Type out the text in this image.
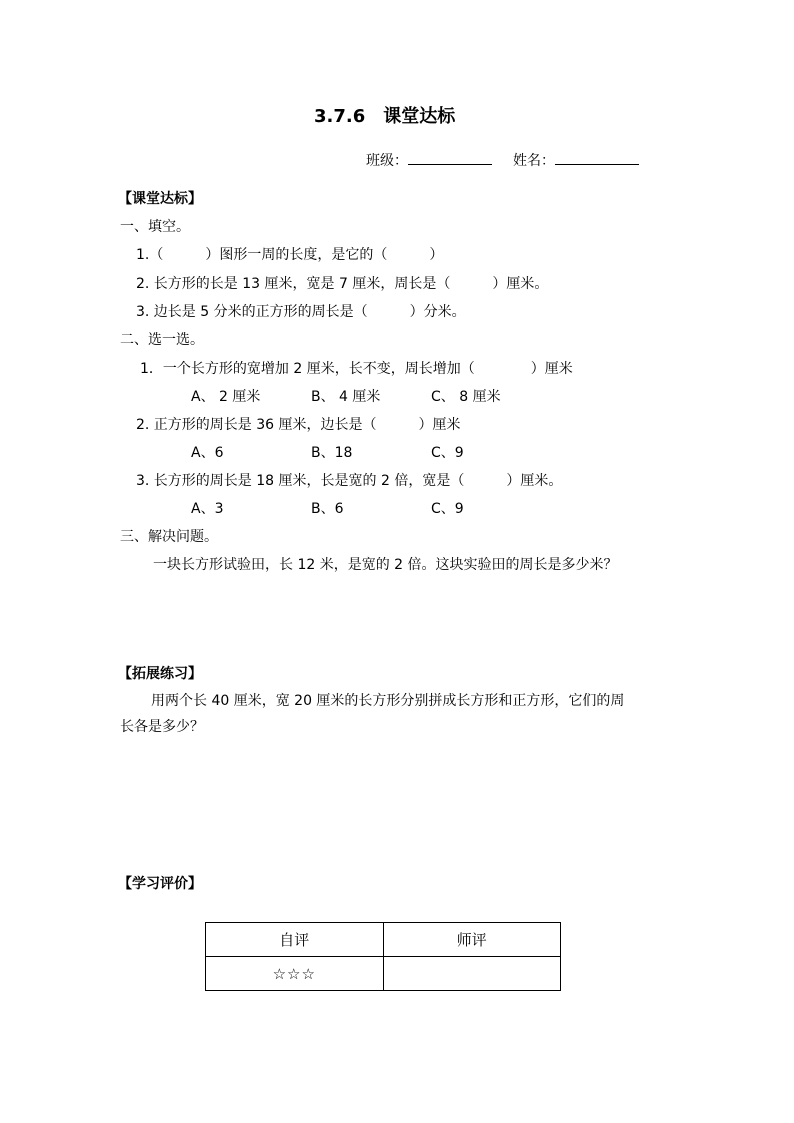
3.7.6　课堂达标
班级：	姓名：
【课堂达标】
一、填空。
1.（　　　）图形一周的长度，是它的（　　　）
2. 长方形的长是 13 厘米，宽是 7 厘米，周长是（　　　）厘米。
3. 边长是 5 分米的正方形的周长是（　　　）分米。
二、选一选。
1．一个长方形的宽增加 2 厘米，长不变，周长增加（　　　　）厘米
A、 2 厘米	B、 4 厘米	C、 8 厘米
2. 正方形的周长是 36 厘米，边长是（　　　）厘米
A、6	B、18	C、9
3. 长方形的周长是 18 厘米，长是宽的 2 倍，宽是（　　　）厘米。
A、3	B、6	C、9
三、解决问题。
一块长方形试验田，长 12 米，是宽的 2 倍。这块实验田的周长是多少米？
【拓展练习】
用两个长 40 厘米，宽 20 厘米的长方形分别拼成长方形和正方形，它们的周
长各是多少？
【学习评价】
自评	师评
☆☆☆	
